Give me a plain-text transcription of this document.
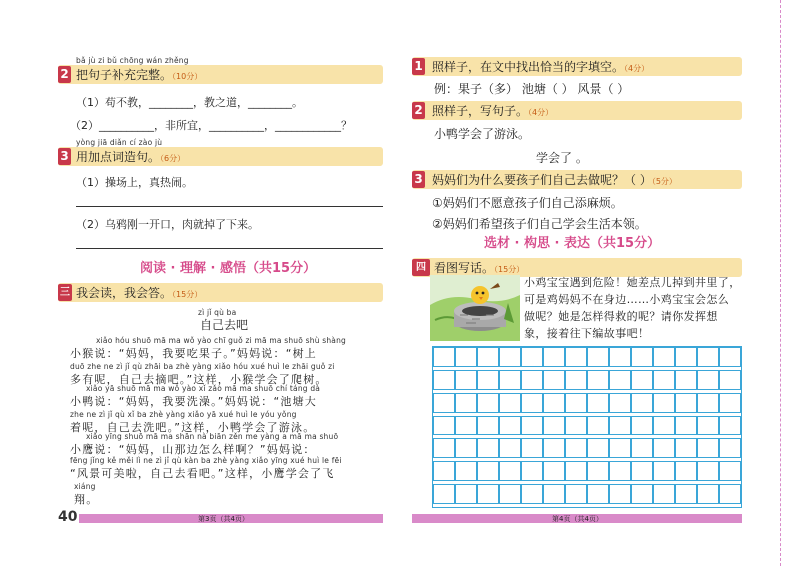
bǎ jù zi bǔ chōng wán zhěng
2 把句子补充完整。（10分）
（1）苟不教，________，教之道，________。
（2）__________，非所宜，__________，____________？
yòng jiā diǎn cí zào jù
3 用加点词造句。（6分）
（1）操场上，真热闹。
（2）乌鸦刚一开口，肉就掉了下来。
阅读 · 理解 · 感悟（共15分）
三 我会读，我会答。（15分）
zì jǐ qù ba
自己去吧
xiǎo hóu shuō mā ma wǒ yào chī guǒ zi mā ma shuō shù shàng
小猴说：“妈妈，我要吃果子。”妈妈说：“树上
duō zhe ne zì jǐ qù zhāi ba zhè yàng xiǎo hóu xué huì le zhāi guǒ zi
多有呢，自己去摘吧。”这样，小猴学会了爬树。
xiǎo yā shuō mā ma wǒ yào xǐ zǎo mā ma shuō chí táng dà
小鸭说：“妈妈，我要洗澡。”妈妈说：“池塘大
zhe ne zì jǐ qù xǐ ba zhè yàng xiǎo yā xué huì le yóu yǒng
着呢，自己去洗吧。”这样，小鸭学会了游泳。
xiǎo yīng shuō mā ma shān nà biān zěn me yàng a mā ma shuō
小鹰说：“妈妈，山那边怎么样啊？”妈妈说：
fēng jǐng kě měi lì ne zì jǐ qù kàn ba zhè yàng xiǎo yīng xué huì le fēi
“风景可美啦，自己去看吧。”这样，小鹰学会了飞
xiáng
翔。
40	第3页（共4页）
1 照样子，在文中找出恰当的字填空。（4分）
例：果子（多） 池塘（ ） 风景（ ）
2 照样子，写句子。（4分）
小鸭学会了游泳。
学会了 。
3 妈妈们为什么要孩子们自己去做呢？（ ）（5分）
①妈妈们不愿意孩子们自己添麻烦。
②妈妈们希望孩子们自己学会生活本领。
选材 · 构思 · 表达（共15分）
四 看图写话。（15分）
小鸡宝宝遇到危险！她差点儿掉到井里了，
可是鸡妈妈不在身边……小鸡宝宝会怎么
做呢？她是怎样得救的呢？请你发挥想
象，接着往下编故事吧！
第4页（共4页）
